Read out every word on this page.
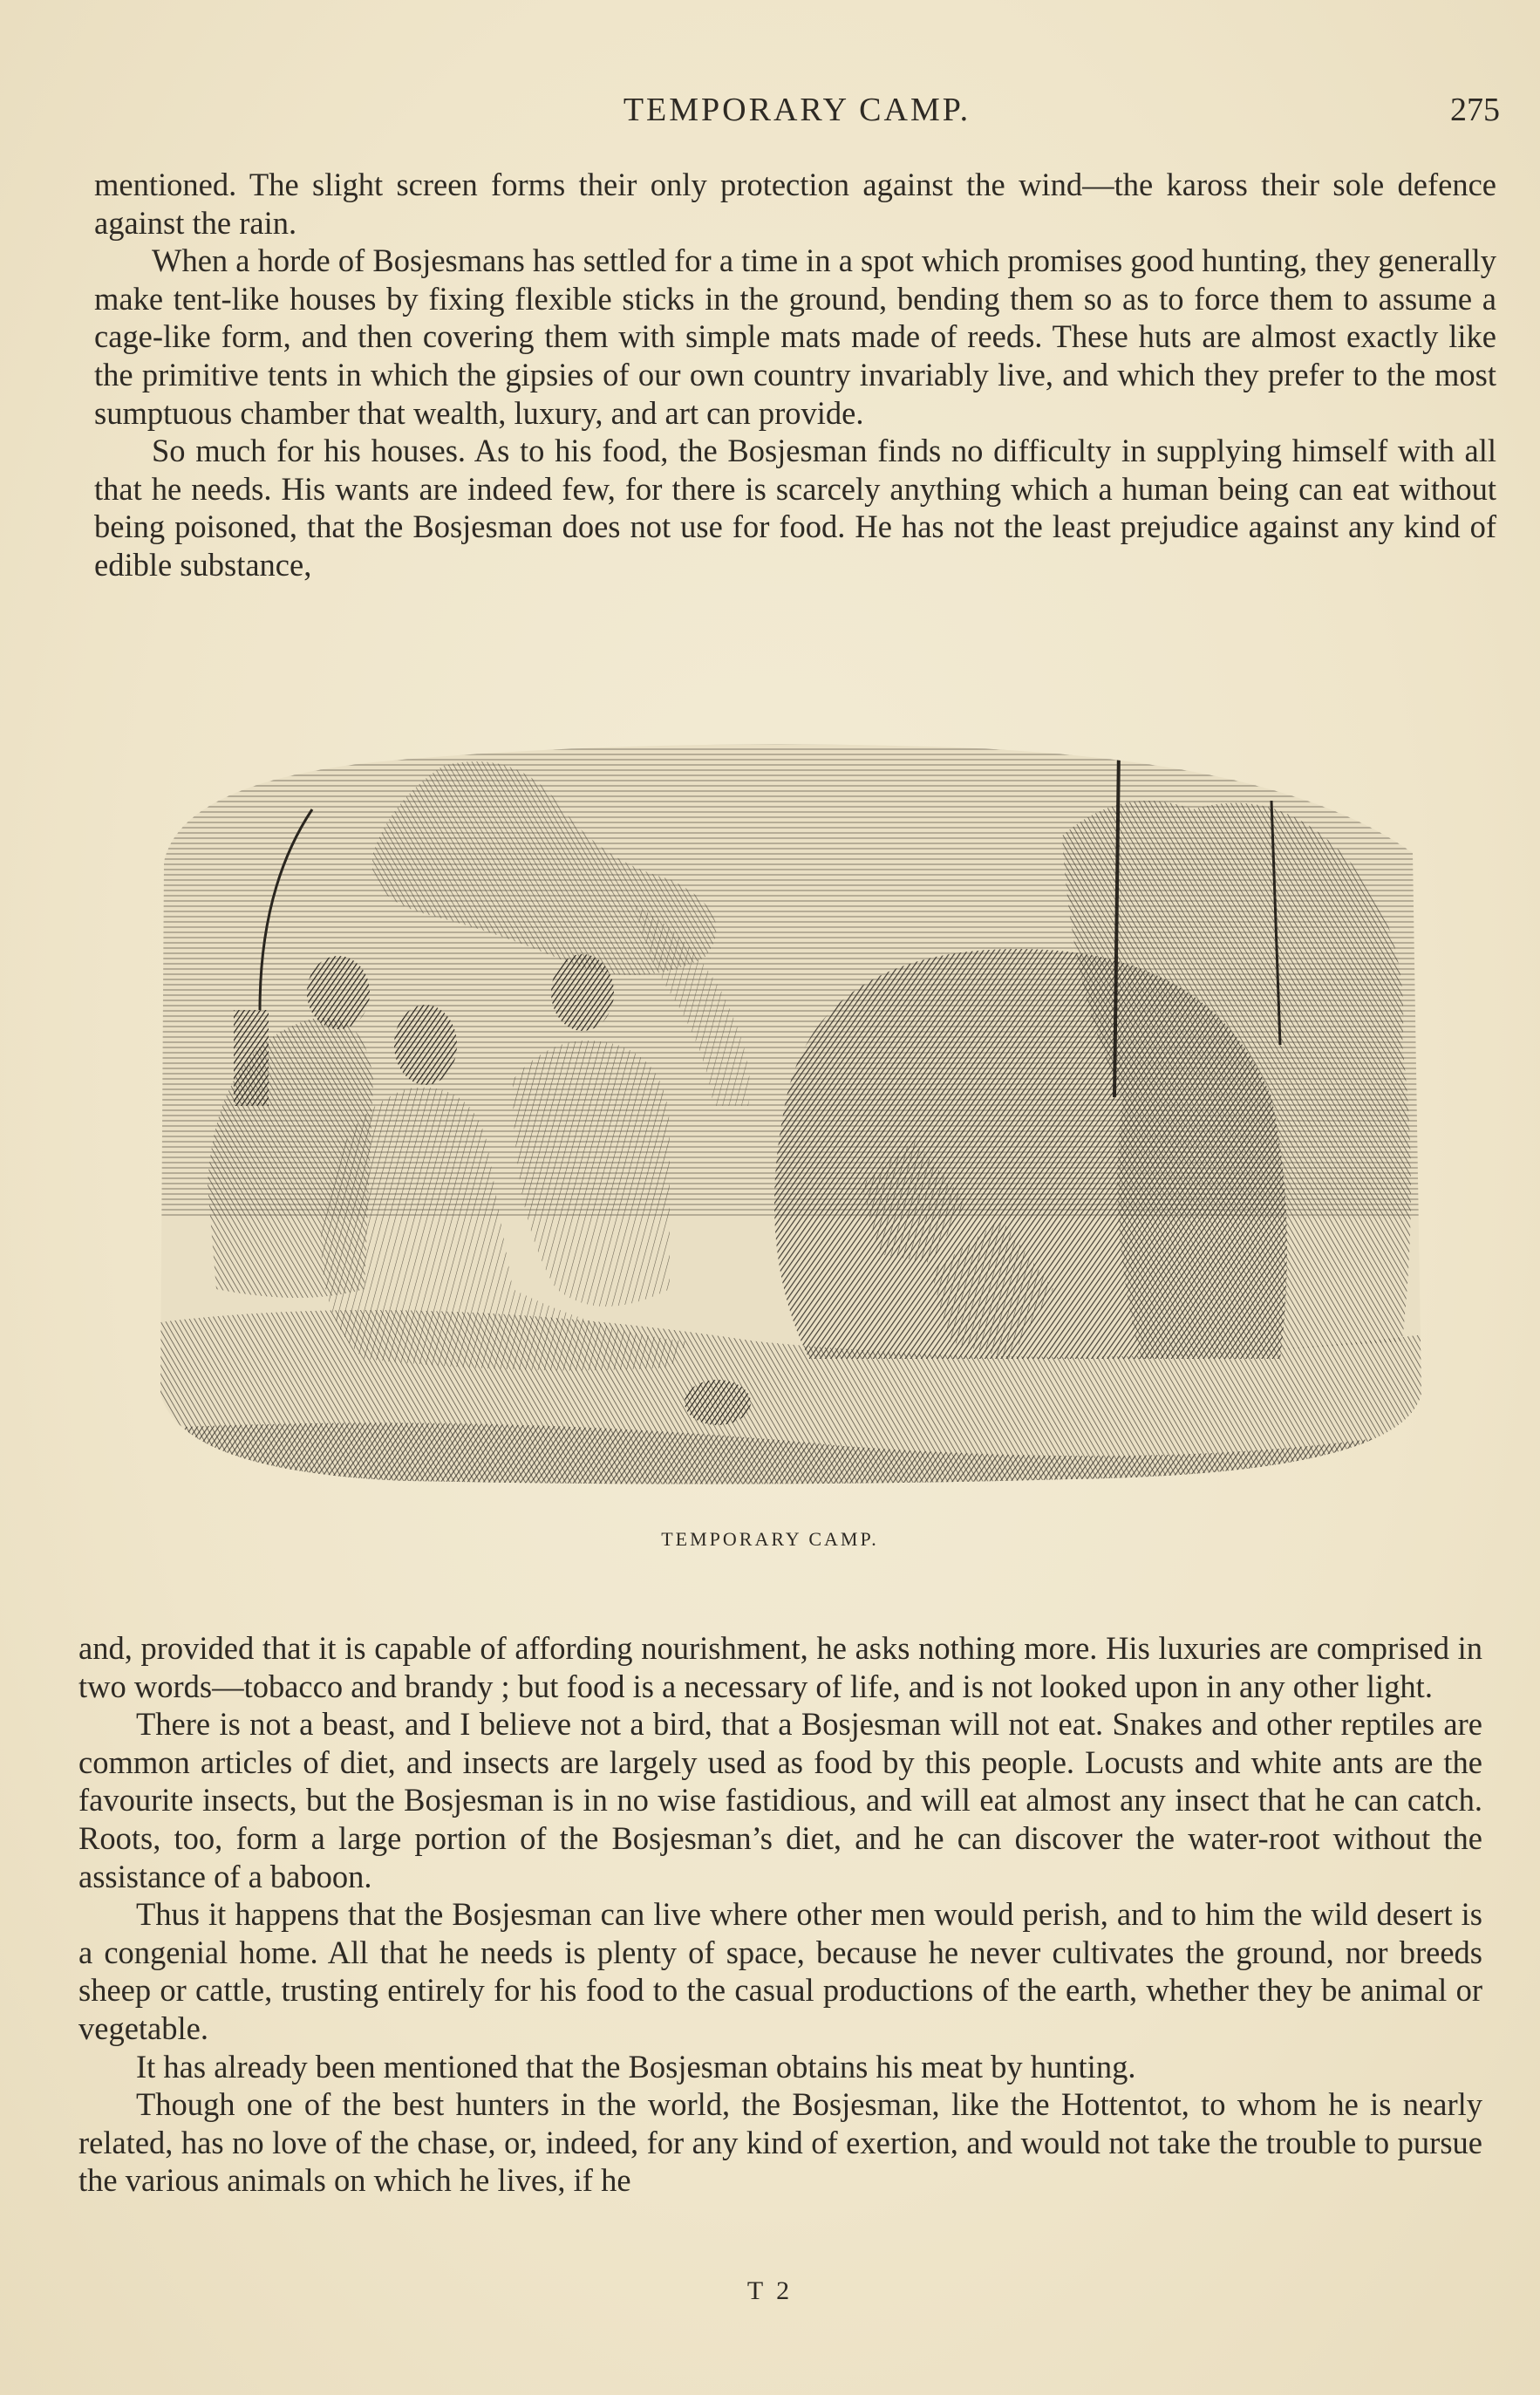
TEMPORARY CAMP.	275

mentioned. The slight screen forms their only protection against the wind—the kaross their sole defence against the rain.

When a horde of Bosjesmans has settled for a time in a spot which promises good hunting, they generally make tent-like houses by fixing flexible sticks in the ground, bending them so as to force them to assume a cage-like form, and then covering them with simple mats made of reeds. These huts are almost exactly like the primitive tents in which the gipsies of our own country invariably live, and which they prefer to the most sumptuous chamber that wealth, luxury, and art can provide.

So much for his houses. As to his food, the Bosjesman finds no difficulty in supplying himself with all that he needs. His wants are indeed few, for there is scarcely anything which a human being can eat without being poisoned, that the Bosjesman does not use for food. He has not the least prejudice against any kind of edible substance,

TEMPORARY CAMP.

and, provided that it is capable of affording nourishment, he asks nothing more. His luxuries are comprised in two words—tobacco and brandy ; but food is a necessary of life, and is not looked upon in any other light.

There is not a beast, and I believe not a bird, that a Bosjesman will not eat. Snakes and other reptiles are common articles of diet, and insects are largely used as food by this people. Locusts and white ants are the favourite insects, but the Bosjesman is in no wise fastidious, and will eat almost any insect that he can catch. Roots, too, form a large portion of the Bosjesman’s diet, and he can discover the water-root without the assistance of a baboon.

Thus it happens that the Bosjesman can live where other men would perish, and to him the wild desert is a congenial home. All that he needs is plenty of space, because he never cultivates the ground, nor breeds sheep or cattle, trusting entirely for his food to the casual productions of the earth, whether they be animal or vegetable.

It has already been mentioned that the Bosjesman obtains his meat by hunting.

Though one of the best hunters in the world, the Bosjesman, like the Hottentot, to whom he is nearly related, has no love of the chase, or, indeed, for any kind of exertion, and would not take the trouble to pursue the various animals on which he lives, if he

T 2
